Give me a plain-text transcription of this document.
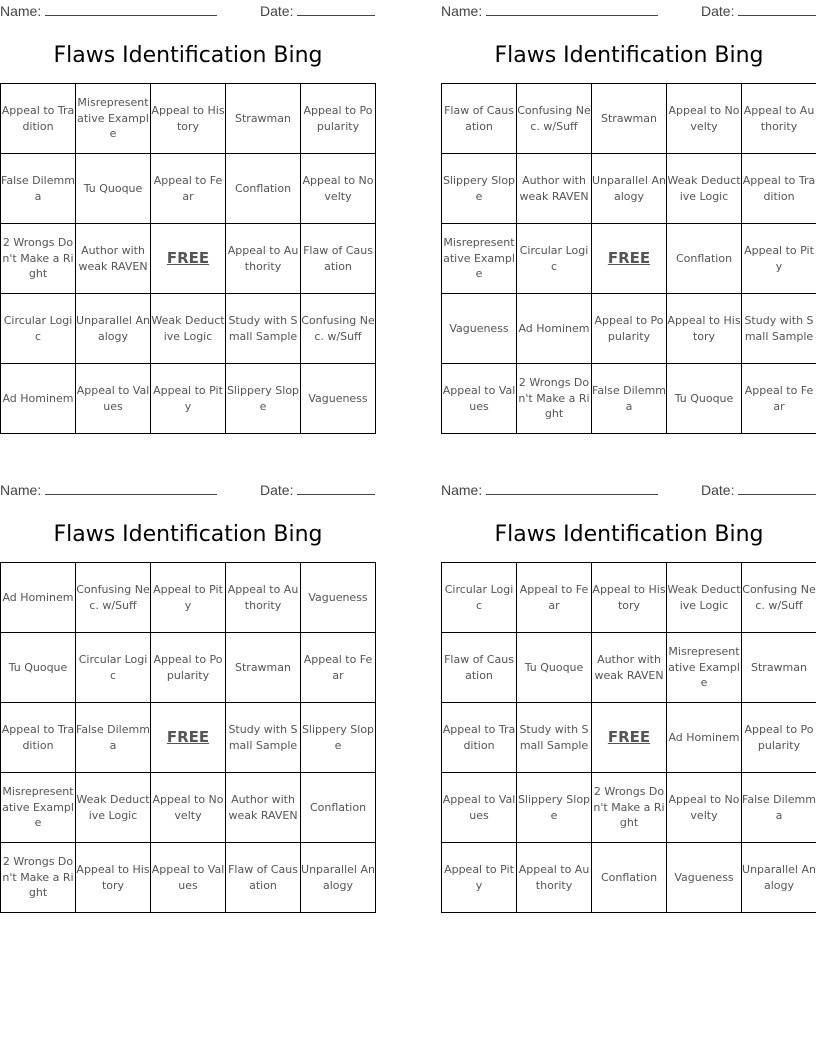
Name:	Date:
Flaws Identification Bing
Appeal to Tradition	Misrepresentative Example	Appeal to History	Strawman	Appeal to Popularity
False Dilemma	Tu Quoque	Appeal to Fear	Conflation	Appeal to Novelty
2 Wrongs Don't Make a Right	Author with weak RAVEN	FREE	Appeal to Authority	Flaw of Causation
Circular Logic	Unparallel Analogy	Weak Deductive Logic	Study with Small Sample	Confusing Nec. w/Suff
Ad Hominem	Appeal to Values	Appeal to Pity	Slippery Slope	Vagueness
Name:	Date:
Flaws Identification Bing
Flaw of Causation	Confusing Nec. w/Suff	Strawman	Appeal to Novelty	Appeal to Authority
Slippery Slope	Author with weak RAVEN	Unparallel Analogy	Weak Deductive Logic	Appeal to Tradition
Misrepresentative Example	Circular Logic	FREE	Conflation	Appeal to Pity
Vagueness	Ad Hominem	Appeal to Popularity	Appeal to History	Study with Small Sample
Appeal to Values	2 Wrongs Don't Make a Right	False Dilemma	Tu Quoque	Appeal to Fear
Name:	Date:
Flaws Identification Bing
Ad Hominem	Confusing Nec. w/Suff	Appeal to Pity	Appeal to Authority	Vagueness
Tu Quoque	Circular Logic	Appeal to Popularity	Strawman	Appeal to Fear
Appeal to Tradition	False Dilemma	FREE	Study with Small Sample	Slippery Slope
Misrepresentative Example	Weak Deductive Logic	Appeal to Novelty	Author with weak RAVEN	Conflation
2 Wrongs Don't Make a Right	Appeal to History	Appeal to Values	Flaw of Causation	Unparallel Analogy
Name:	Date:
Flaws Identification Bing
Circular Logic	Appeal to Fear	Appeal to History	Weak Deductive Logic	Confusing Nec. w/Suff
Flaw of Causation	Tu Quoque	Author with weak RAVEN	Misrepresentative Example	Strawman
Appeal to Tradition	Study with Small Sample	FREE	Ad Hominem	Appeal to Popularity
Appeal to Values	Slippery Slope	2 Wrongs Don't Make a Right	Appeal to Novelty	False Dilemma
Appeal to Pity	Appeal to Authority	Conflation	Vagueness	Unparallel Analogy
